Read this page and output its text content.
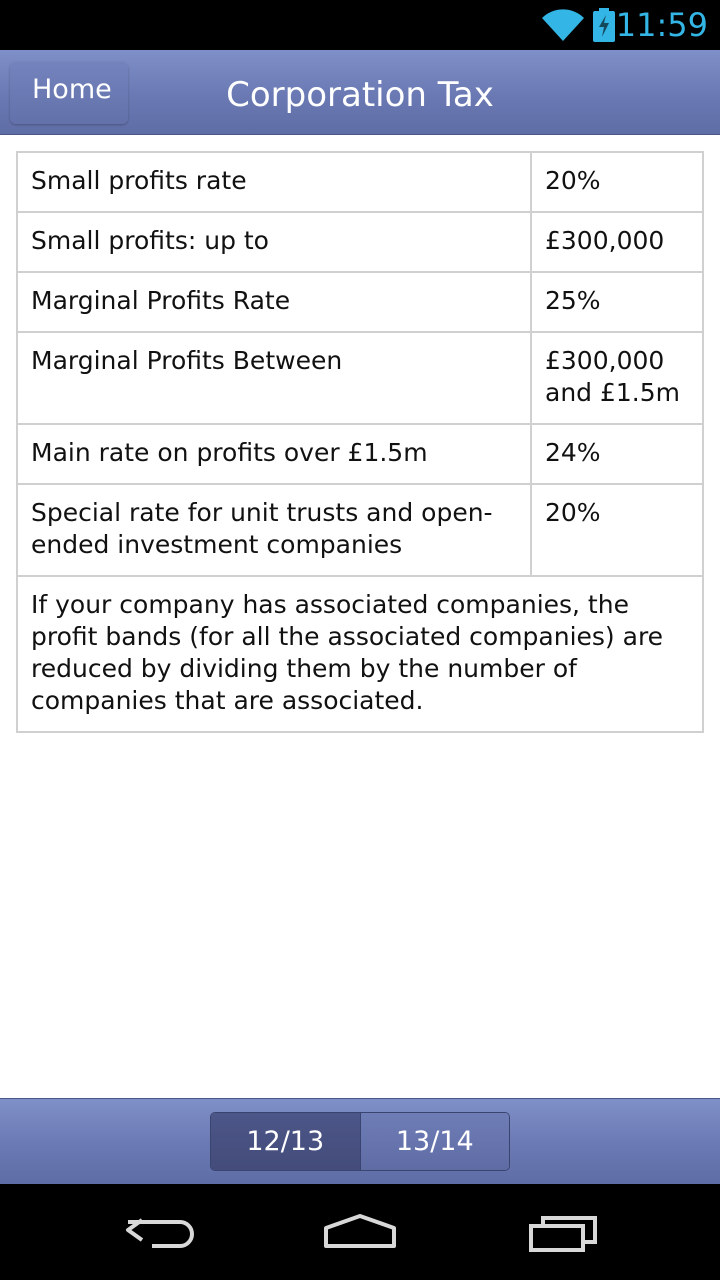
11:59
Home	Corporation Tax
Small profits rate	20%
Small profits: up to	£300,000
Marginal Profits Rate	25%
Marginal Profits Between	£300,000 and £1.5m
Main rate on profits over £1.5m	24%
Special rate for unit trusts and open-ended investment companies	20%
If your company has associated companies, the profit bands (for all the associated companies) are reduced by dividing them by the number of companies that are associated.	
12/13	13/14
